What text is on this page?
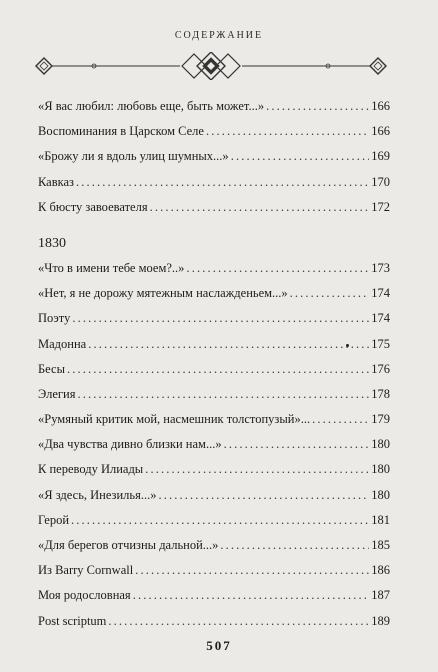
СОДЕРЖАНИЕ
«Я вас любил: любовь еще, быть может...» . . .	166
Воспоминания в Царском Селе . . .	166
«Брожу ли я вдоль улиц шумных...» . . .	169
Кавказ . . .	170
К бюсту завоевателя . . .	172
1830
«Что в имени тебе моем?..» . . .	173
«Нет, я не дорожу мятежным наслажденьем...» . . .	174
Поэту . . .	174
Мадонна . . .	175
Бесы . . .	176
Элегия . . .	178
«Румяный критик мой, насмешник толстопузый»... . . .	179
«Два чувства дивно близки нам...» . . .	180
К переводу Илиады . . .	180
«Я здесь, Инезилья...» . . .	180
Герой . . .	181
«Для берегов отчизны дальной...» . . .	185
Из Barry Cornwall . . .	186
Моя родословная . . .	187
Post scriptum . . .	189
507
